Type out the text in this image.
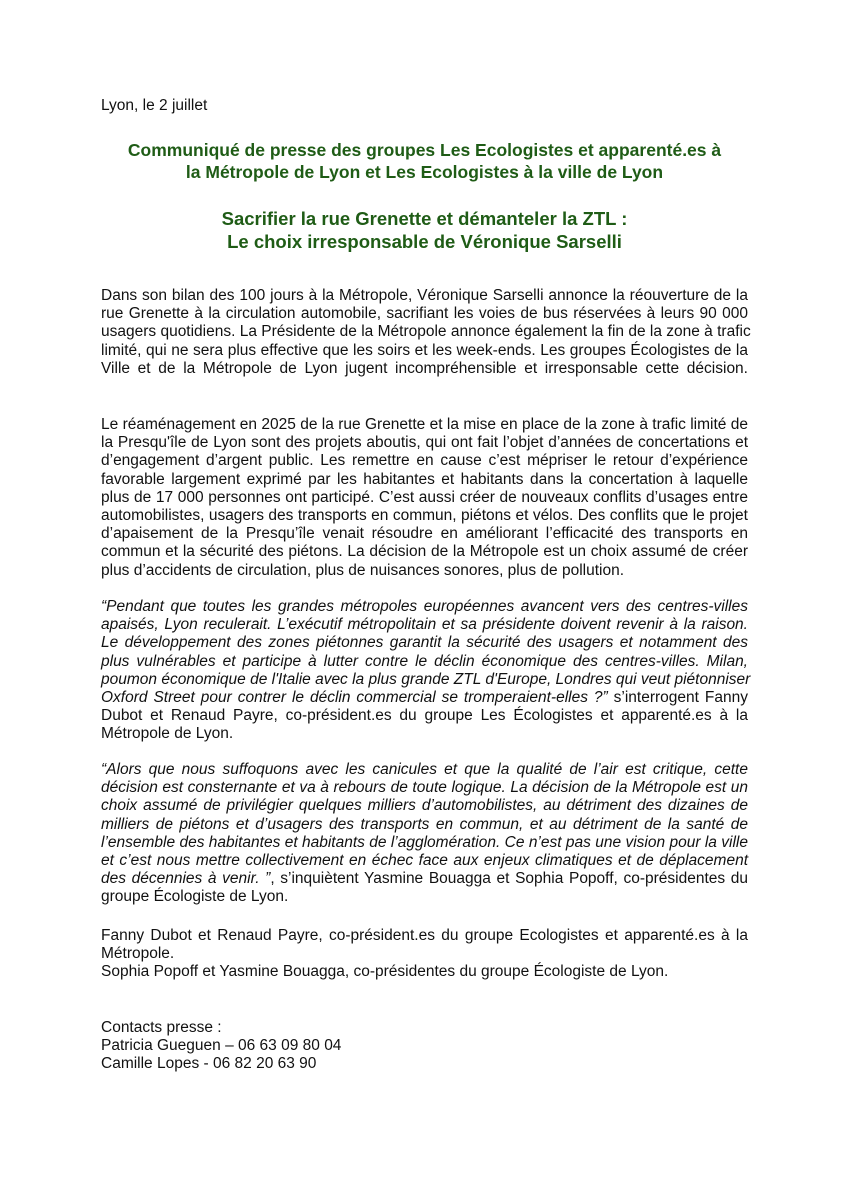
Lyon, le 2 juillet
Communiqué de presse des groupes Les Ecologistes et apparenté.es à
la Métropole de Lyon et Les Ecologistes à la ville de Lyon
Sacrifier la rue Grenette et démanteler la ZTL :
Le choix irresponsable de Véronique Sarselli
Dans son bilan des 100 jours à la Métropole, Véronique Sarselli annonce la réouverture de la
rue Grenette à la circulation automobile, sacrifiant les voies de bus réservées à leurs 90 000
usagers quotidiens. La Présidente de la Métropole annonce également la fin de la zone à trafic
limité, qui ne sera plus effective que les soirs et les week-ends. Les groupes Écologistes de la
Ville et de la Métropole de Lyon jugent incompréhensible et irresponsable cette décision.
Le réaménagement en 2025 de la rue Grenette et la mise en place de la zone à trafic limité de
la Presqu'île de Lyon sont des projets aboutis, qui ont fait l’objet d’années de concertations et
d’engagement d’argent public. Les remettre en cause c’est mépriser le retour d’expérience
favorable largement exprimé par les habitantes et habitants dans la concertation à laquelle
plus de 17 000 personnes ont participé. C’est aussi créer de nouveaux conflits d’usages entre
automobilistes, usagers des transports en commun, piétons et vélos. Des conflits que le projet
d’apaisement de la Presqu’île venait résoudre en améliorant l’efficacité des transports en
commun et la sécurité des piétons. La décision de la Métropole est un choix assumé de créer
plus d’accidents de circulation, plus de nuisances sonores, plus de pollution.
“Pendant que toutes les grandes métropoles européennes avancent vers des centres-villes
apaisés, Lyon reculerait. L’exécutif métropolitain et sa présidente doivent revenir à la raison.
Le développement des zones piétonnes garantit la sécurité des usagers et notamment des
plus vulnérables et participe à lutter contre le déclin économique des centres-villes. Milan,
poumon économique de l'Italie avec la plus grande ZTL d'Europe, Londres qui veut piétonniser
Oxford Street pour contrer le déclin commercial se tromperaient-elles ?” s’interrogent Fanny
Dubot et Renaud Payre, co-président.es du groupe Les Écologistes et apparenté.es à la
Métropole de Lyon.
“Alors que nous suffoquons avec les canicules et que la qualité de l’air est critique, cette
décision est consternante et va à rebours de toute logique. La décision de la Métropole est un
choix assumé de privilégier quelques milliers d’automobilistes, au détriment des dizaines de
milliers de piétons et d’usagers des transports en commun, et au détriment de la santé de
l’ensemble des habitantes et habitants de l’agglomération. Ce n’est pas une vision pour la ville
et c’est nous mettre collectivement en échec face aux enjeux climatiques et de déplacement
des décennies à venir. ”, s’inquiètent Yasmine Bouagga et Sophia Popoff, co-présidentes du
groupe Écologiste de Lyon.
Fanny Dubot et Renaud Payre, co-président.es du groupe Ecologistes et apparenté.es à la
Métropole.
Sophia Popoff et Yasmine Bouagga, co-présidentes du groupe Écologiste de Lyon.
Contacts presse :
Patricia Gueguen – 06 63 09 80 04
Camille Lopes - 06 82 20 63 90
